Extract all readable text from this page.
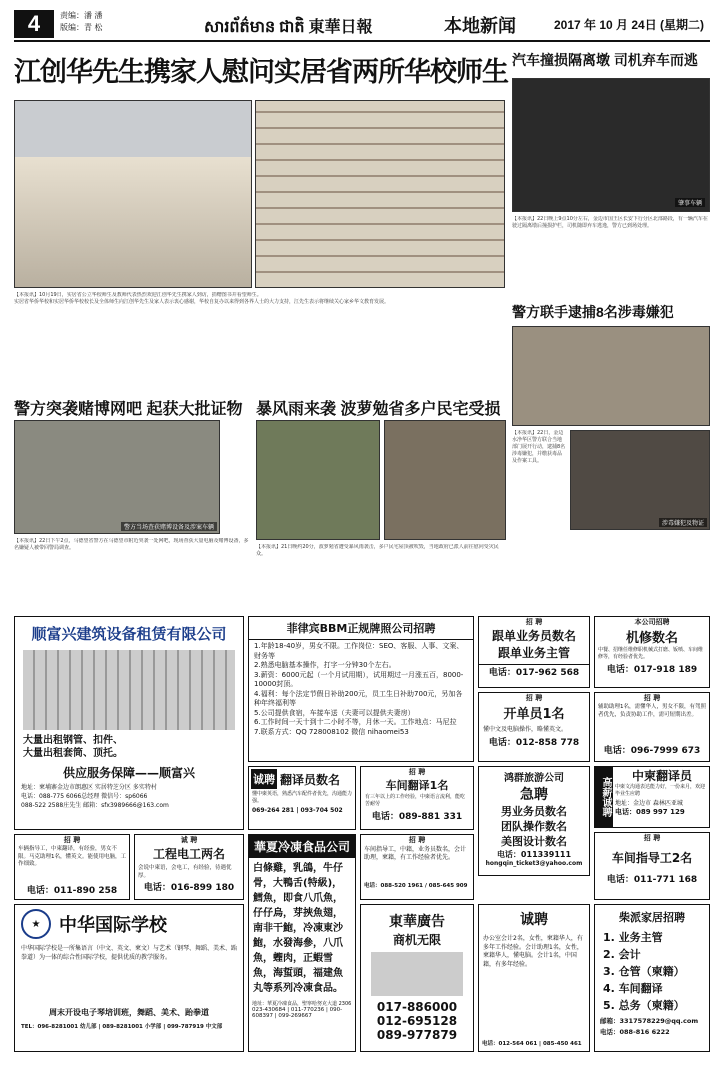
4	责编：潘 潘
版编：青 松	សារព័ត៌មាន ជាតិ 東華日報	本地新闻	2017 年 10 月 24日 (星期二)
江创华先生携家人慰问实居省两所华校师生

【本报讯】10月19日，实居省公立华校师生及教师代表热烈欢迎江创华先生携家人到访，捐赠图书并看望师生。

实居省华侨华校和实居华侨华校校长及全体师生向江创华先生及家人表示衷心感谢，华校自复办以来得到各界人士的大力支持，江先生表示将继续关心家乡华文教育发展。

汽车撞损隔离墩 司机弃车而逃
肇事车辆
【本报讯】22日晚上9点10分左右，金边市国王区长安下行分区北部路段，有一辆汽车在驶过隔离墩后撞损护栏，司机随即弃车逃逸，警方已到场处理。
警方突袭赌博网吧 起获大批证物
警方当场查获赌博设备及涉案车辆
【本报讯】22日下午2点，马德望省警方在马德望市附近突袭一处网吧，现场查获大量电脑及赌博设备，多名嫌疑人被带回警局调查。
暴风雨来袭 波萝勉省多户民宅受损
【本报讯】21日晚约20分，波萝勉省遭受暴风雨袭击，多户民宅屋顶被吹毁，当地政府已派人前往慰问受灾民众。
警方联手逮捕8名涉毒嫌犯
涉毒嫌犯及物证
【本报讯】22日，金边水净华区警方联合当地部门展开行动，逮捕8名涉毒嫌犯，并缴获毒品及作案工具。
顺富兴建筑设备租赁有限公司
大量出租钢管、扣件、
大量出租套筒、顶托。
供应服务保障——顺富兴
地址：柬埔寨金边市朗惠区 实居特芝分区 多实特村
电话：088-775 6066总经理 微信号：sp6066
088-522 2588庄先生 邮箱：sfx3989666@163.com
菲律宾BBM正规牌照公司招聘
1.年龄18-40岁，男女不限。工作岗位：SEO、客服、人事、文案、财务等
2.熟悉电脑基本操作，打字一分钟30个左右。
3.薪资：6000元起（一个月试用期），试用期过一月涨五百，8000-10000封顶。
4.福利：每个法定节假日补助200元，员工生日补助700元，另加各种年终福利等
5.公司提供食宿，车接车送（夫妻可以提供夫妻房）
6.工作时间一天十到十二小时不等，月休一天。工作地点：马尼拉
7.联系方式：QQ 728008102 微信 nihaomei53
招 聘
跟单业务员数名
跟单业务主管
电话：017-962 568
本公司招聘
机修数名
中餐、招继任维修职机械式打磨、钣喷、车间维修等，有经验者优先。
电话：017-918 189
招 聘
开单员1名
懂中文及电脑操作，略懂英文。
电话：012-858 778
招 聘
辅助助理1名，需懂华人，男女不限，有驾照者优先，负责协助工作，需可短期出差。
电话：096-7999 673
诚聘 翻译员数名
懂中柬英语，熟悉汽车配件者优先，沟通能力强。
069-264 281 | 093-704 502
招 聘
车间翻译1名
有三年以上的工作经验，中柬语言流利，能吃苦耐劳
电话：089-881 331
鸿群旅游公司
急聘
男业务员数名
团队操作数名
美图设计数名
电话：011339111
hongqin_ticket3@yahoo.com
高薪诚聘
中柬翻译员
中柬文沟通表达能力好，一份来月，欢迎毕业生应聘
地址：金边市 森林匹亚城
电话：089 997 129
招 聘
车辆指导工，中柬翻译，有经验，男女不限。马克助理1名，懂英文。能使用电脑，工作细致。
电话：011-890 258
诚 聘
工程电工两名
会说中柬语，会电工，有经验，待遇优厚。
电话：016-899 180
華夏冷凍食品公司
白條雞，乳鴿，牛仔骨，大鴨舌(特級)，鱈魚，即食八爪魚，仔仔烏，芽挾魚翅，南非干鮑，冷凍東沙鮑，水發海參，八爪魚，蟶肉，正蝦雪魚，海蜇頭，福建魚丸等系列冷凍食品。
地址：華夏冷凍食品，聖寧哈努克大道 2306
023-430684 | 011-770236 | 090-608397 | 099-269667
招 聘
车间指导工，中籍，业务员数名，会计助理，柬籍，有工作经验者优先。
电话：088-520 1961 / 085-645 909
招 聘
车间指导工2名
电话：011-771 168
★	中华国际学校
中华国际学校是一所集语言（中文、英文、柬文）与艺术（钢琴、舞蹈、美术、跆拳道）为一体的综合性国际学校，提供优质的教学服务。
周末开设电子琴培训班，舞蹈、美术、跆拳道
TEL：096-8281001 幼儿部 | 089-8281001 小学部 | 099-787919 中文部
東華廣告
商机无限
017-886000
012-695128
089-977879
诚聘
办公室会计2名，女性，柬籍华人，有多年工作经验。会计助理1名，女性，柬籍华人，懂电脑。会计1名，中国籍，有多年经验。
电话：012-564 061 | 085-450 461
柴派家居招聘
1. 业务主管
2. 会计
3. 仓管（柬籍）
4. 车间翻译
5. 总务（柬籍）
邮箱：3317578229@qq.com
电话：088-816 6222
